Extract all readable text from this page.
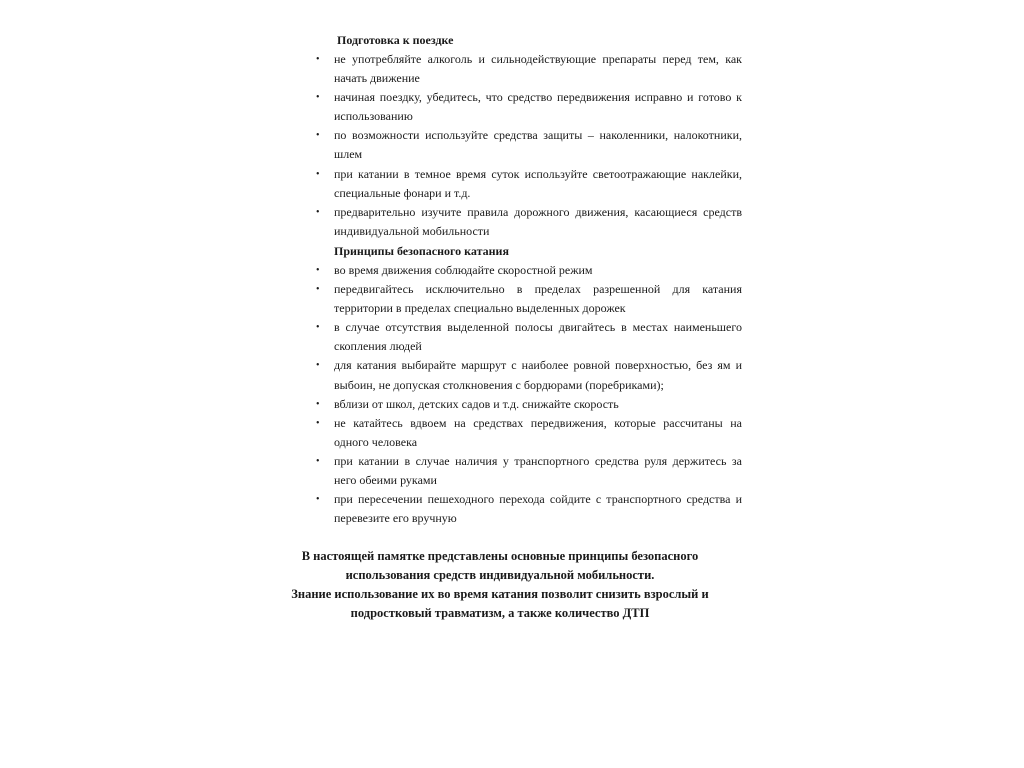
Подготовка к поездке
• не употребляйте алкоголь и сильнодействующие препараты перед тем, как начать движение
• начиная поездку, убедитесь, что средство передвижения исправно и готово к использованию
• по возможности используйте средства защиты – наколенники, налокотники, шлем
• при катании в темное время суток используйте светоотражающие наклейки, специальные фонари и т.д.
• предварительно изучите правила дорожного движения, касающиеся средств индивидуальной мобильности
Принципы безопасного катания
• во время движения соблюдайте скоростной режим
• передвигайтесь исключительно в пределах разрешенной для катания территории в пределах специально выделенных дорожек
• в случае отсутствия выделенной полосы двигайтесь в местах наименьшего скопления людей
• для катания выбирайте маршрут с наиболее ровной поверхностью, без ям и выбоин, не допуская столкновения с бордюрами (поребриками);
• вблизи от школ, детских садов и т.д. снижайте скорость
• не катайтесь вдвоем на средствах передвижения, которые рассчитаны на одного человека
• при катании в случае наличия у транспортного средства руля держитесь за него обеими руками
• при пересечении пешеходного перехода сойдите с транспортного средства и перевезите его вручную
В настоящей памятке представлены основные принципы безопасного
использования средств индивидуальной мобильности.
Знание использование их во время катания позволит снизить взрослый и
подростковый травматизм, а также количество ДТП
